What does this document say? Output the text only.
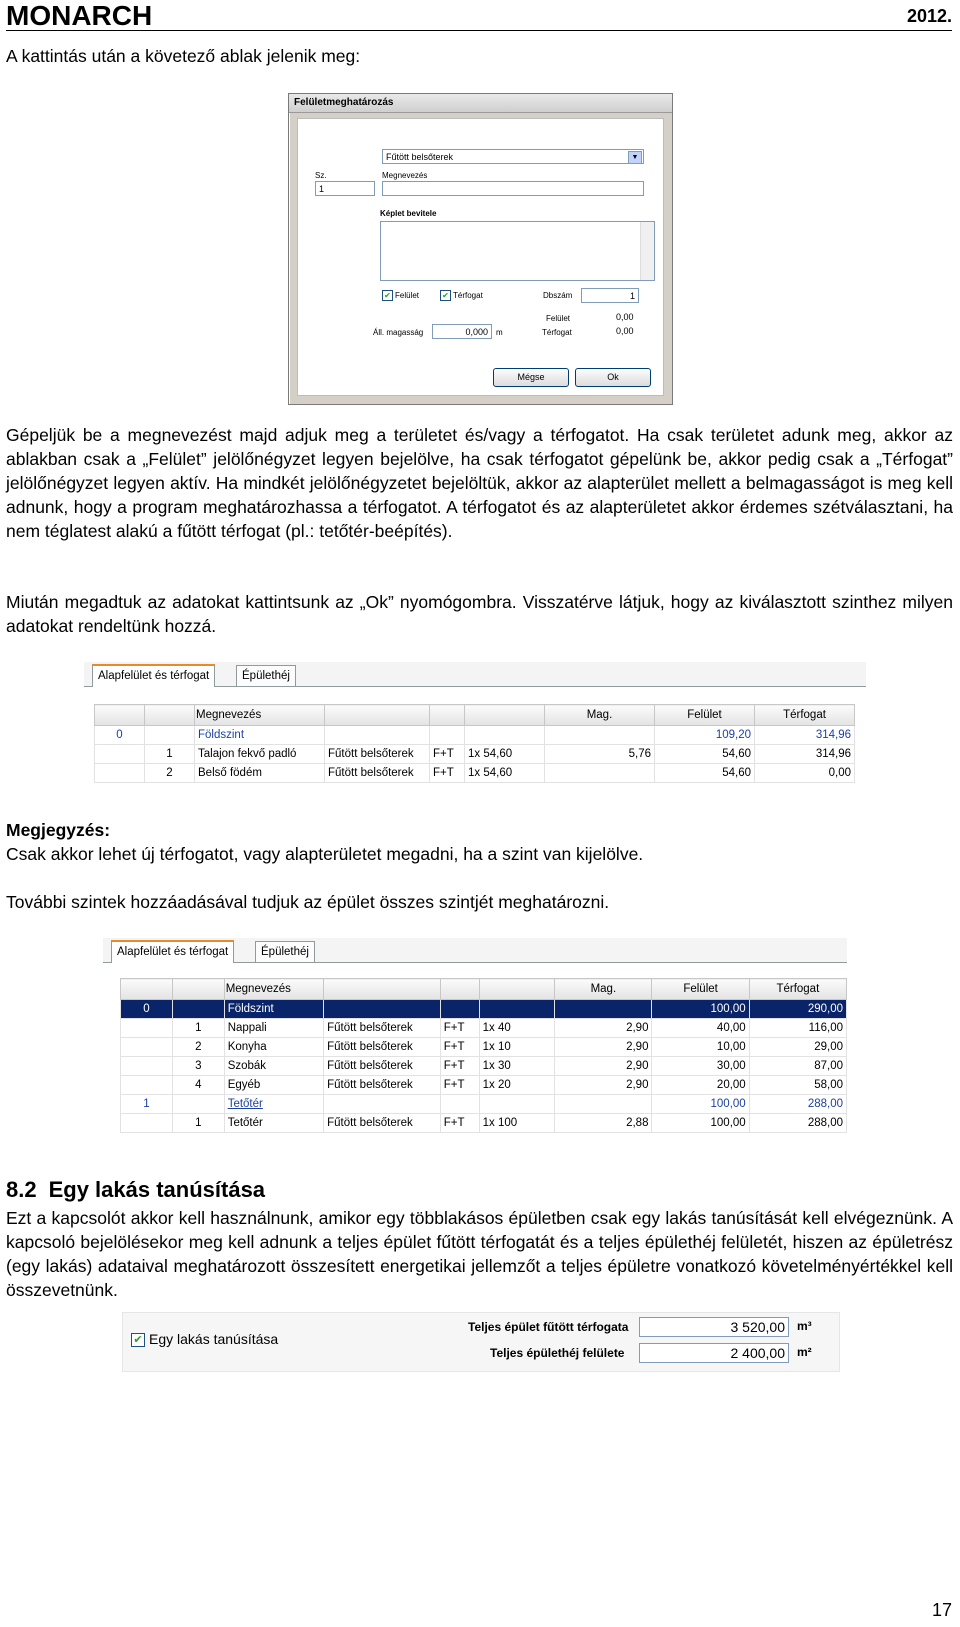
MONARCH	2012.
A kattintás után a követező ablak jelenik meg:
Felületmeghatározás
Fűtött belsőterek	▼
Sz.	Megnevezés
1
Képlet bevitele
✔ Felület	✔ Térfogat	Dbszám	1
Felület	0,00
Áll. magasság	0,000	m	Térfogat	0,00
Mégse	Ok
Gépeljük be a megnevezést majd adjuk meg a területet és/vagy a térfogatot. Ha csak területet adunk meg, akkor az ablakban csak a „Felület” jelölőnégyzet legyen bejelölve, ha csak térfogatot gépelünk be, akkor pedig csak a „Térfogat” jelölőnégyzet legyen aktív. Ha mindkét jelölőnégyzetet bejelöltük, akkor az alapterület mellett a belmagasságot is meg kell adnunk, hogy a program meghatározhassa a térfogatot. A térfogatot és az alapterületet akkor érdemes szétválasztani, ha nem téglatest alakú a fűtött térfogat (pl.: tetőtér-beépítés).
Miután megadtuk az adatokat kattintsunk az „Ok” nyomógombra. Visszatérve látjuk, hogy az kiválasztott szinthez milyen adatokat rendeltünk hozzá.
Alapfelület és térfogat	Épülethéj
		Megnevezés				Mag.	Felület	Térfogat
0		Földszint					109,20	314,96
	1	Talajon fekvő padló	Fűtött belsőterek	F+T	1x 54,60	5,76	54,60	314,96
	2	Belső födém	Fűtött belsőterek	F+T	1x 54,60		54,60	0,00
Megjegyzés:
Csak akkor lehet új térfogatot, vagy alapterületet megadni, ha a szint van kijelölve.
További szintek hozzáadásával tudjuk az épület összes szintjét meghatározni.
Alapfelület és térfogat	Épülethéj
		Megnevezés				Mag.	Felület	Térfogat
0		Földszint					100,00	290,00
	1	Nappali	Fűtött belsőterek	F+T	1x 40	2,90	40,00	116,00
	2	Konyha	Fűtött belsőterek	F+T	1x 10	2,90	10,00	29,00
	3	Szobák	Fűtött belsőterek	F+T	1x 30	2,90	30,00	87,00
	4	Egyéb	Fűtött belsőterek	F+T	1x 20	2,90	20,00	58,00
1		Tetőtér					100,00	288,00
	1	Tetőtér	Fűtött belsőterek	F+T	1x 100	2,88	100,00	288,00
8.2 Egy lakás tanúsítása
Ezt a kapcsolót akkor kell használnunk, amikor egy többlakásos épületben csak egy lakás tanúsítását kell elvégeznünk. A kapcsoló bejelölésekor meg kell adnunk a teljes épület fűtött térfogatát és a teljes épülethéj felületét, hiszen az épületrész (egy lakás) adataival meghatározott összesített energetikai jellemzőt a teljes épületre vonatkozó követelményértékkel kell összevetnünk.
✔ Egy lakás tanúsítása
Teljes épület fűtött térfogata	3 520,00	m³
Teljes épülethéj felülete	2 400,00	m²
17
